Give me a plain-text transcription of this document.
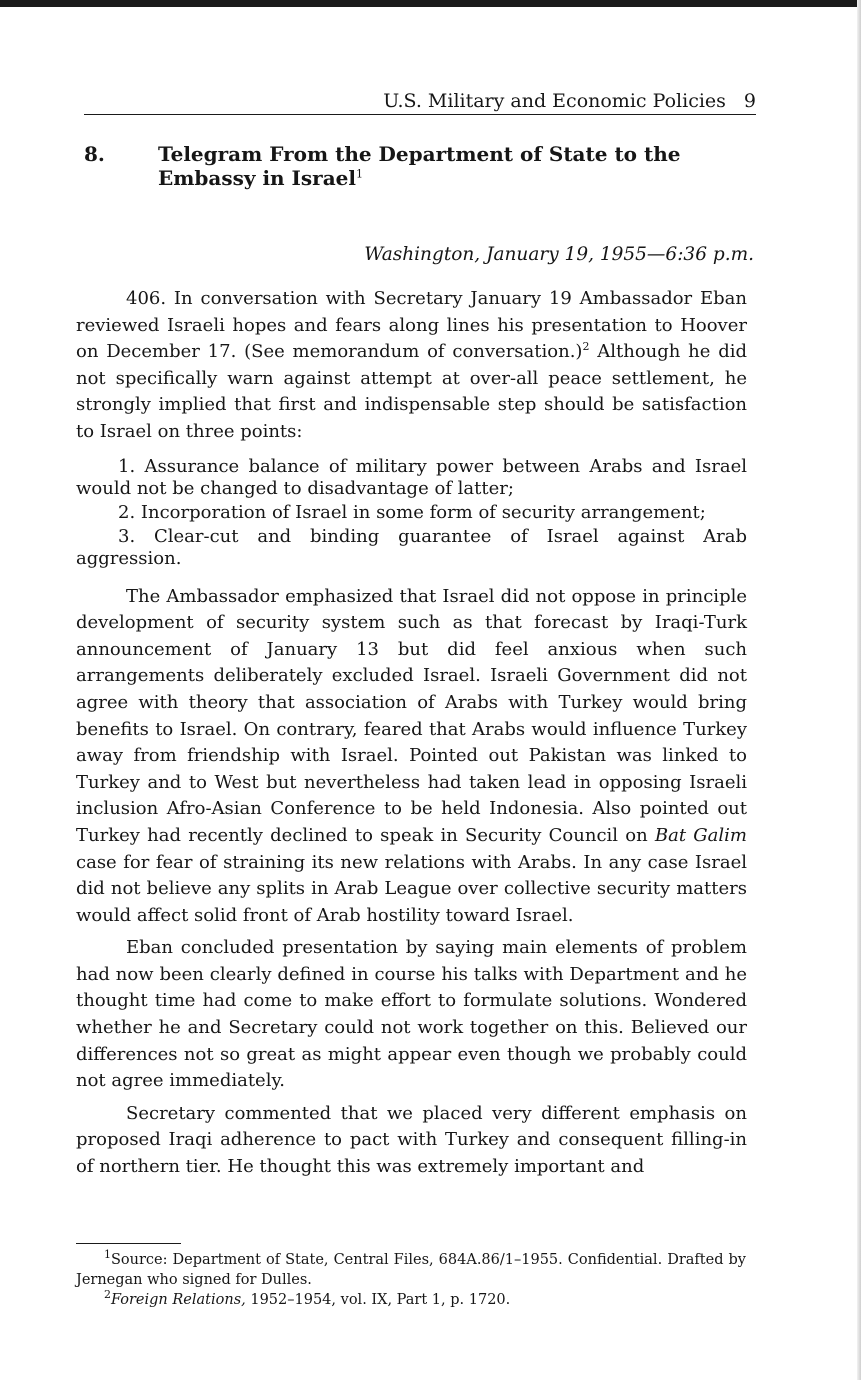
U.S. Military and Economic Policies 9
8.	Telegram From the Department of State to the Embassy in Israel$^1$
Washington, January 19, 1955—6:36 p.m.

406. In conversation with Secretary January 19 Ambassador Eban reviewed Israeli hopes and fears along lines his presentation to Hoover on December 17. (See memorandum of conversation.)$^2$ Although he did not specifically warn against attempt at over-all peace settlement, he strongly implied that first and indispensable step should be satisfaction to Israel on three points:

1. Assurance balance of military power between Arabs and Israel would not be changed to disadvantage of latter;

2. Incorporation of Israel in some form of security arrangement;

3. Clear-cut and binding guarantee of Israel against Arab aggression.

The Ambassador emphasized that Israel did not oppose in principle development of security system such as that forecast by Iraqi-Turk announcement of January 13 but did feel anxious when such arrangements deliberately excluded Israel. Israeli Government did not agree with theory that association of Arabs with Turkey would bring benefits to Israel. On contrary, feared that Arabs would influence Turkey away from friendship with Israel. Pointed out Pakistan was linked to Turkey and to West but nevertheless had taken lead in opposing Israeli inclusion Afro-Asian Conference to be held Indonesia. Also pointed out Turkey had recently declined to speak in Security Council on Bat Galim case for fear of straining its new relations with Arabs. In any case Israel did not believe any splits in Arab League over collective security matters would affect solid front of Arab hostility toward Israel.

Eban concluded presentation by saying main elements of problem had now been clearly defined in course his talks with Department and he thought time had come to make effort to formulate solutions. Wondered whether he and Secretary could not work together on this. Believed our differences not so great as might appear even though we probably could not agree immediately.

Secretary commented that we placed very different emphasis on proposed Iraqi adherence to pact with Turkey and consequent filling-in of northern tier. He thought this was extremely important and

$^1$Source: Department of State, Central Files, 684A.86/1–1955. Confidential. Drafted by Jernegan who signed for Dulles.

$^2$Foreign Relations, 1952–1954, vol. IX, Part 1, p. 1720.
